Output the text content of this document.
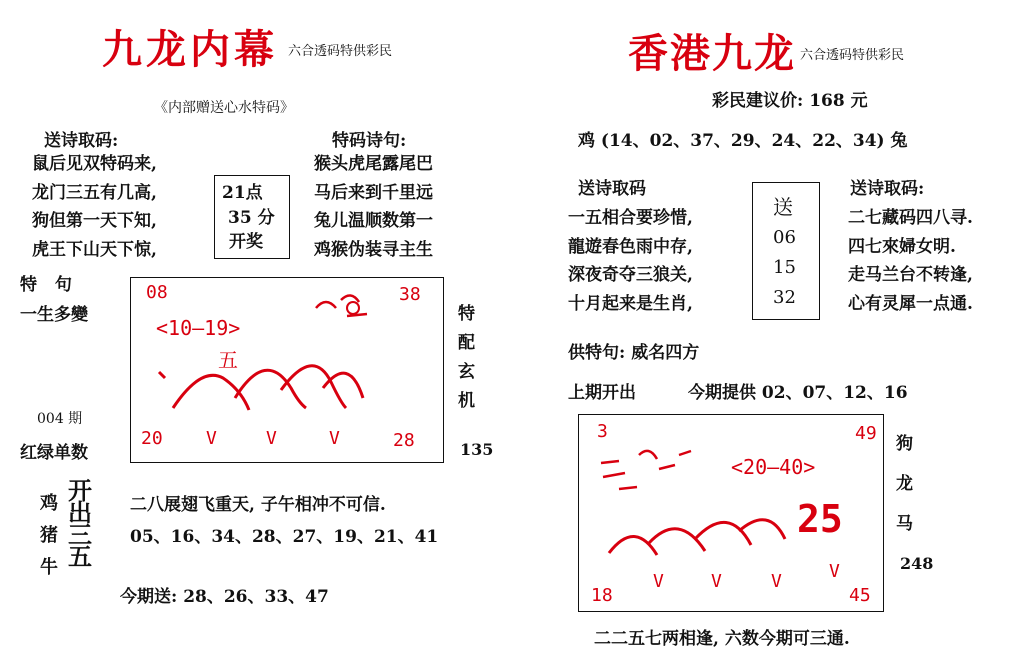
九龙内幕 六合透码特供彩民
《内部赠送心水特码》
送诗取码:
鼠后见双特码来,
龙门三五有几高,
狗但第一天下知,
虎王下山天下惊,
21点
35 分
开奖
特码诗句:
猴头虎尾露尾巴
马后来到千里远
兔儿温顺数第一
鸡猴伪装寻主生
特 句
一生多變
004 期
红绿单数
08	38
<10—19>
五
20	28
V	V	V
特
配
玄
机
135
鸡
猪
牛
开
出
三
五
二八展翅飞重天, 子午相冲不可信.
05、16、34、28、27、19、21、41
今期送: 28、26、33、47
香港九龙 六合透码特供彩民
彩民建议价: 168 元
鸡 (14、02、37、29、24、22、34) 兔
送诗取码
一五相合要珍惜,
龍遊春色雨中存,
深夜奇夺三狼关,
十月起来是生肖,
送
06
15
32
送诗取码:
二七藏码四八寻.
四七來婦女明.
走马兰台不转逢,
心有灵犀一点通.
供特句: 威名四方
上期开出	今期提供 02、07、12、16
3	49
<20—40>
25
18	45
V	V	V	V
狗
龙
马
248
二二五七两相逢, 六数今期可三通.
